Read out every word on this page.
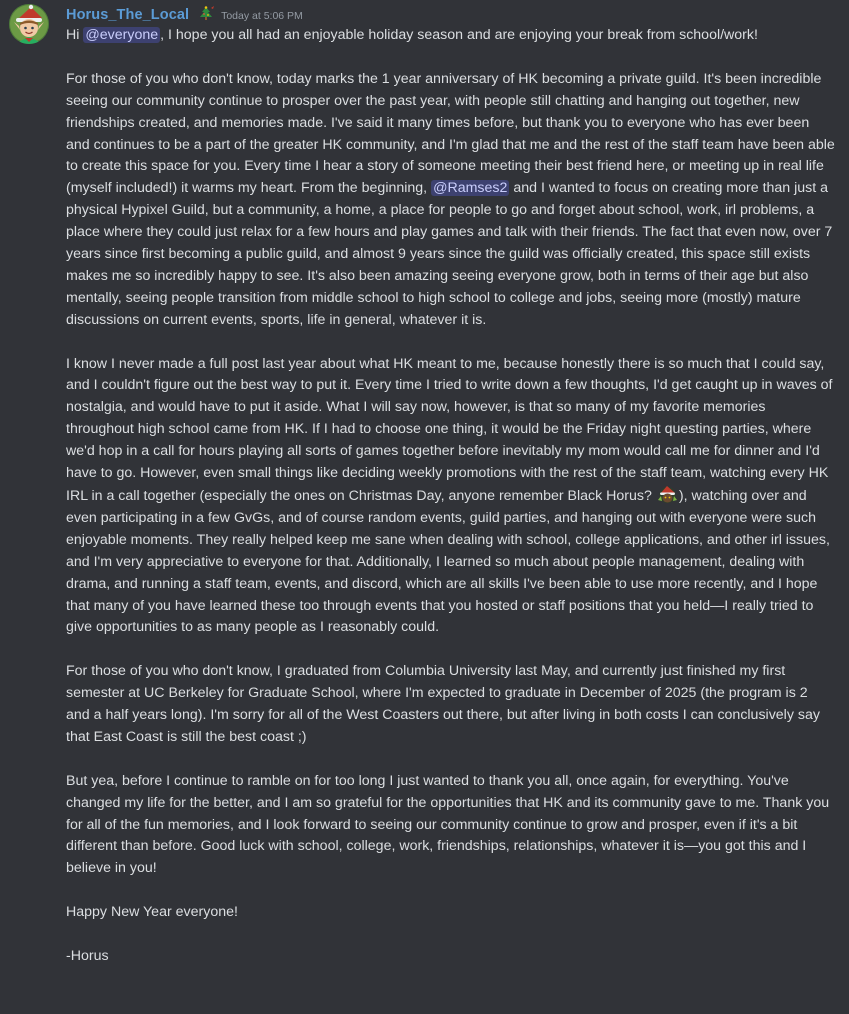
Horus_The_Local	Today at 5:06 PM

Hi @everyone , I hope you all had an enjoyable holiday season and are enjoying your break from school/work!

For those of you who don't know, today marks the 1 year anniversary of HK becoming a private guild. It's been incredible seeing our community continue to prosper over the past year, with people still chatting and hanging out together, new friendships created, and memories made. I've said it many times before, but thank you to everyone who has ever been and continues to be a part of the greater HK community, and I'm glad that me and the rest of the staff team have been able to create this space for you. Every time I hear a story of someone meeting their best friend here, or meeting up in real life (myself included!) it warms my heart. From the beginning, @Ramses2 and I wanted to focus on creating more than just a physical Hypixel Guild, but a community, a home, a place for people to go and forget about school, work, irl problems, a place where they could just relax for a few hours and play games and talk with their friends. The fact that even now, over 7 years since first becoming a public guild, and almost 9 years since the guild was officially created, this space still exists makes me so incredibly happy to see. It's also been amazing seeing everyone grow, both in terms of their age but also mentally, seeing people transition from middle school to high school to college and jobs, seeing more (mostly) mature discussions on current events, sports, life in general, whatever it is.

I know I never made a full post last year about what HK meant to me, because honestly there is so much that I could say, and I couldn't figure out the best way to put it. Every time I tried to write down a few thoughts, I'd get caught up in waves of nostalgia, and would have to put it aside. What I will say now, however, is that so many of my favorite memories throughout high school came from HK. If I had to choose one thing, it would be the Friday night questing parties, where we'd hop in a call for hours playing all sorts of games together before inevitably my mom would call me for dinner and I'd have to go. However, even small things like deciding weekly promotions with the rest of the staff team, watching every HK IRL in a call together (especially the ones on Christmas Day, anyone remember Black Horus? ), watching over and even participating in a few GvGs, and of course random events, guild parties, and hanging out with everyone were such enjoyable moments. They really helped keep me sane when dealing with school, college applications, and other irl issues, and I'm very appreciative to everyone for that. Additionally, I learned so much about people management, dealing with drama, and running a staff team, events, and discord, which are all skills I've been able to use more recently, and I hope that many of you have learned these too through events that you hosted or staff positions that you held—I really tried to give opportunities to as many people as I reasonably could.

For those of you who don't know, I graduated from Columbia University last May, and currently just finished my first semester at UC Berkeley for Graduate School, where I'm expected to graduate in December of 2025 (the program is 2 and a half years long). I'm sorry for all of the West Coasters out there, but after living in both costs I can conclusively say that East Coast is still the best coast ;)

But yea, before I continue to ramble on for too long I just wanted to thank you all, once again, for everything. You've changed my life for the better, and I am so grateful for the opportunities that HK and its community gave to me. Thank you for all of the fun memories, and I look forward to seeing our community continue to grow and prosper, even if it's a bit different than before. Good luck with school, college, work, friendships, relationships, whatever it is—you got this and I believe in you!

Happy New Year everyone!

-Horus
